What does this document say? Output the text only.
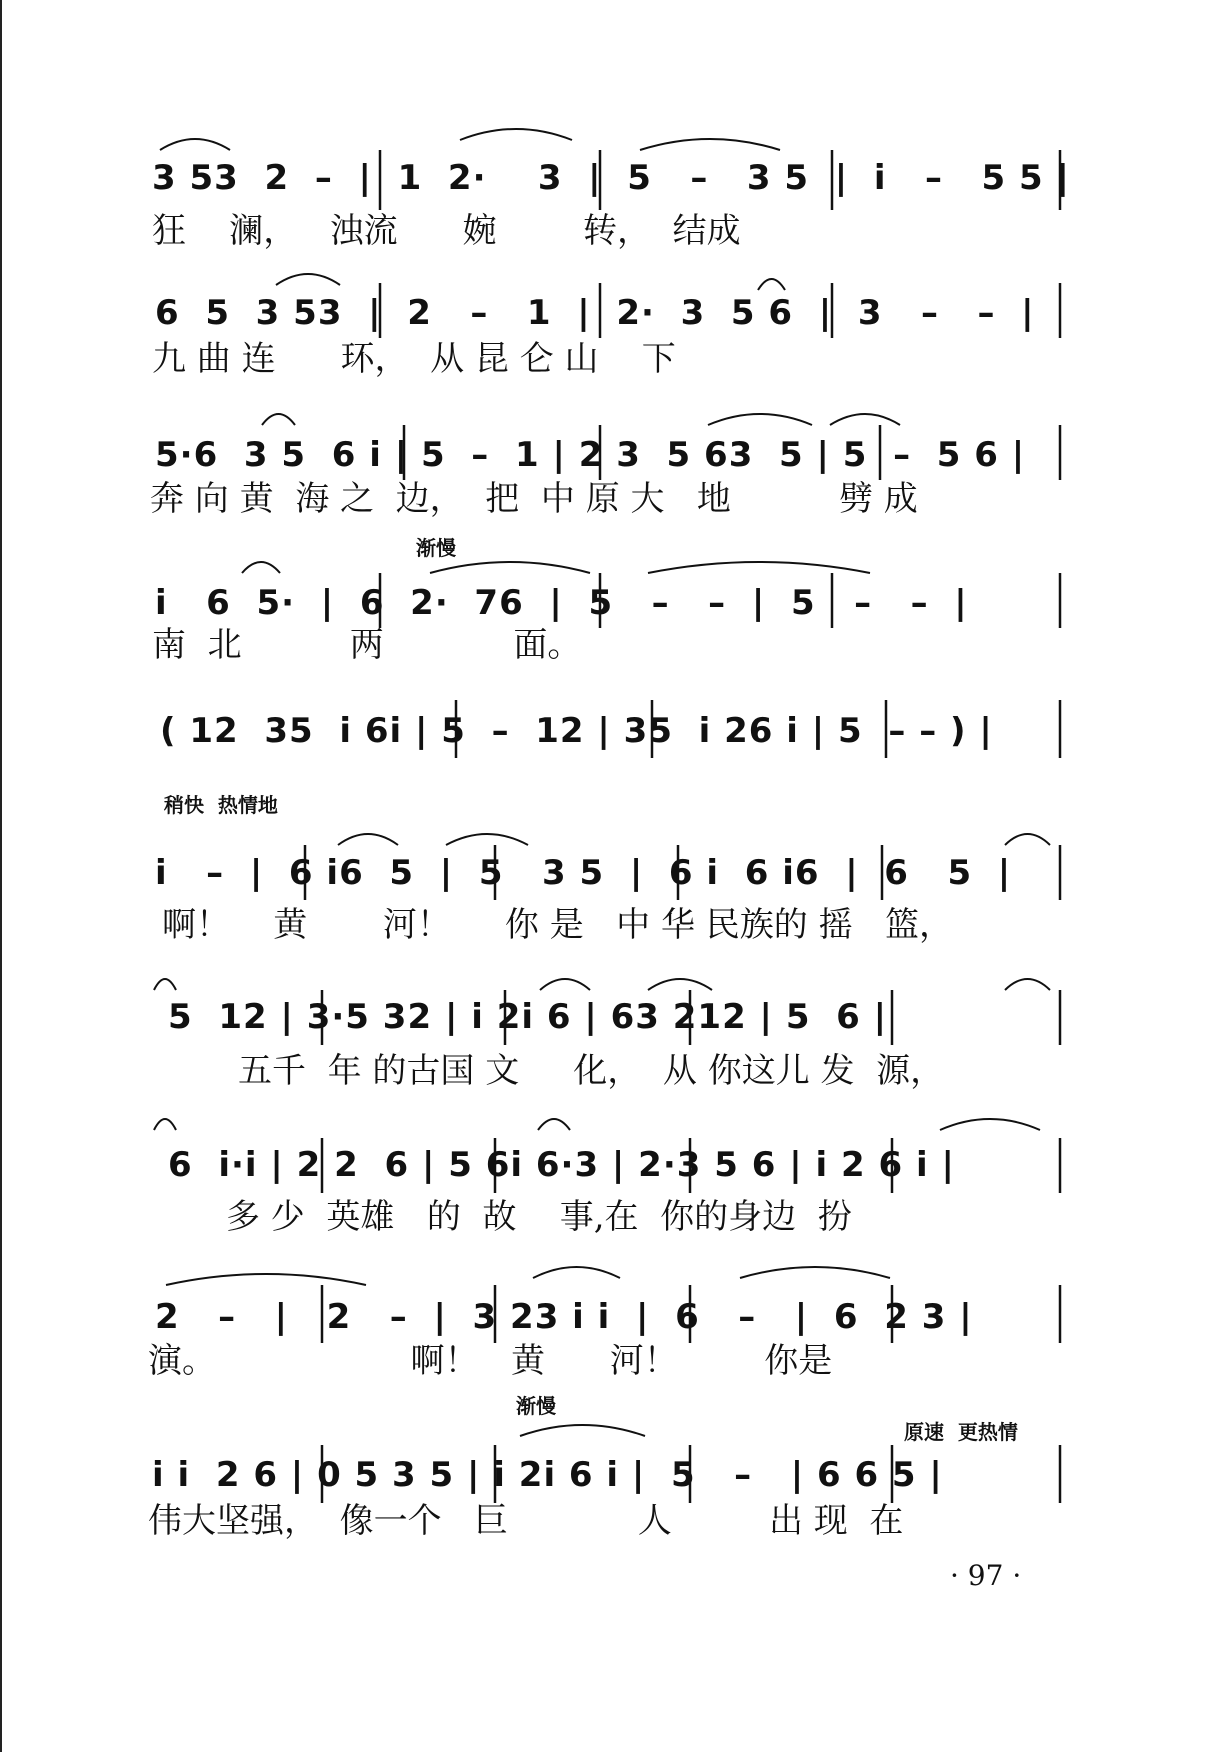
3 53  2  –  |  1  2·    3  |  5   –   3 5  |  i   –   5 5 |
狂    澜，   浊流      婉        转，  结成
6  5  3 53  |  2   –   1  |  2·  3  5 6  |  3   –   –  |
九 曲 连      环，  从 昆 仑 山    下
5·6  3 5  6 i | 5  –  1 | 2 3  5 63  5 | 5  –  5 6 |
奔 向 黄  海 之  边，  把  中 原 大   地          劈 成
渐慢
i   6  5·  |  6  2·  76  |  5   –   –  |  5   –   –  |
南  北          两            面。
( 12  35  i 6i | 5  –  12 | 35  i 26 i | 5  – – ) |
稍快  热情地
i   –  |  6 i6  5  |  5   3 5  |  6 i  6 i6  |  6   5  |
啊！    黄       河！     你 是   中 华 民族的 摇   篮，
5  12 | 3·5 32 | i 2i 6 | 63 212 | 5  6 |
五千  年 的古国 文     化，  从 你这儿 发  源，
6  i·i | 2 2  6 | 5 6i 6·3 | 2·3 5 6 | i 2 6 i |
多 少  英雄   的  故    事,在  你的身边  扮
2   –   |   2   –  |  3 23 i i  |  6   –   |  6  2 3 |
演。                  啊！   黄      河！        你是
渐慢
原速  更热情
i i  2 6 | 0 5 3 5 | i 2i 6 i |  5   –   | 6 6 5 |
伟大坚强，  像一个   巨            人         出 现  在
· 97 ·
